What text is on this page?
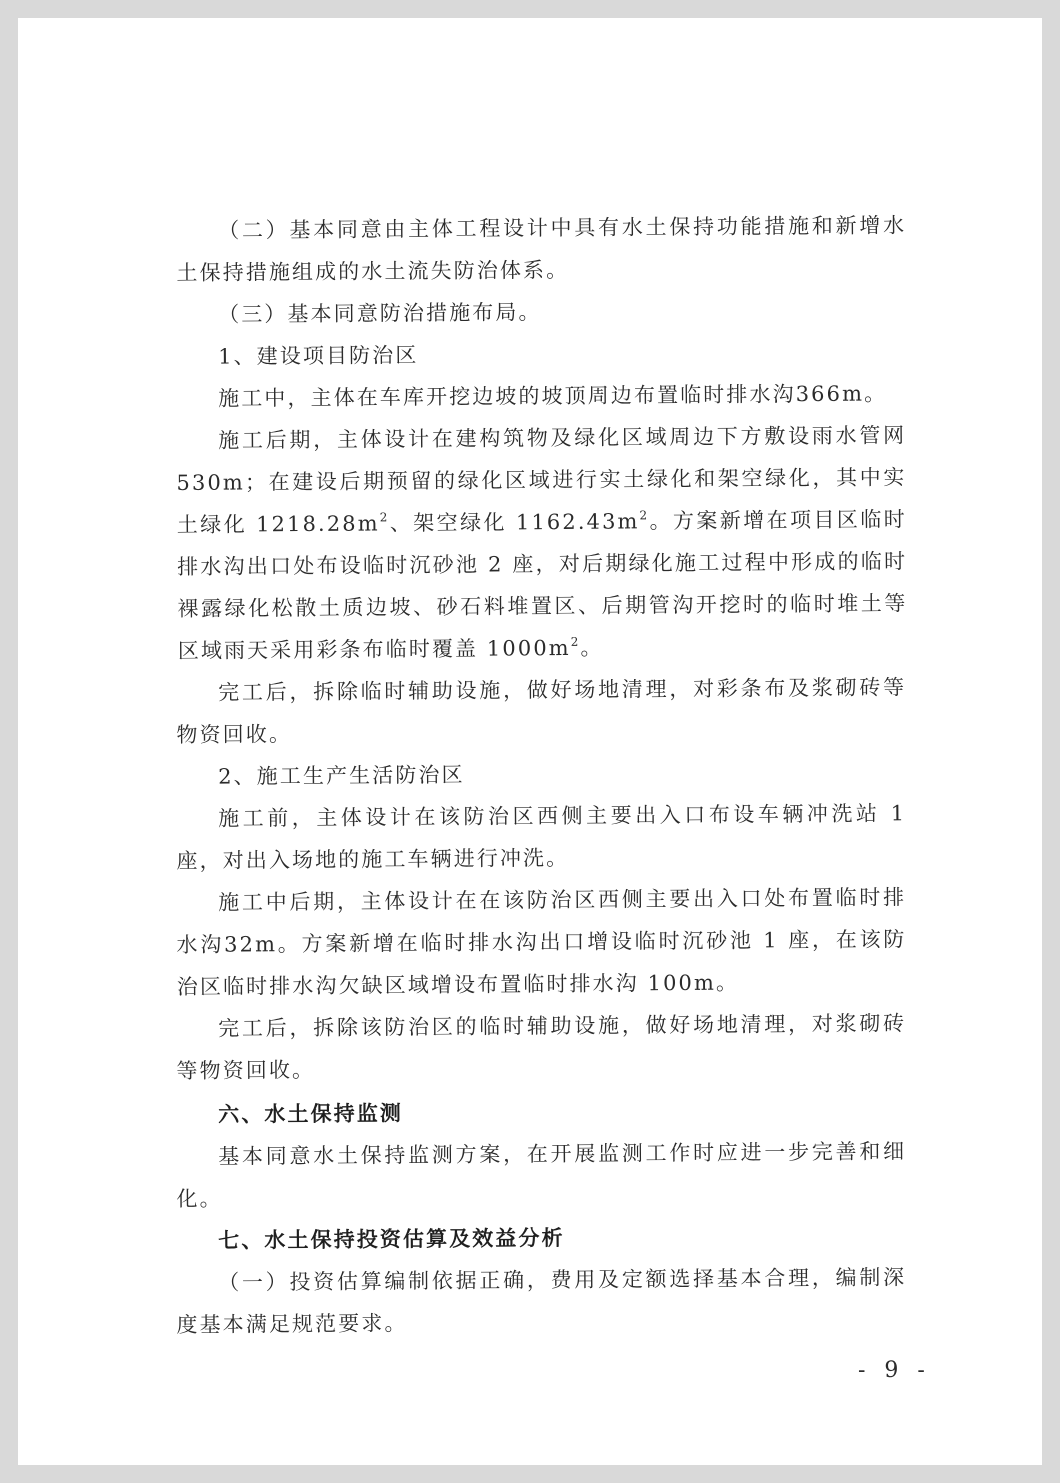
（二）基本同意由主体工程设计中具有水土保持功能措施和新增水土保持措施组成的水土流失防治体系。

（三）基本同意防治措施布局。

1、建设项目防治区

施工中，主体在车库开挖边坡的坡顶周边布置临时排水沟366m。

施工后期，主体设计在建构筑物及绿化区域周边下方敷设雨水管网530m；在建设后期预留的绿化区域进行实土绿化和架空绿化，其中实土绿化 $1218.28m^2$、架空绿化 $1162.43m^2$。方案新增在项目区临时排水沟出口处布设临时沉砂池 2 座，对后期绿化施工过程中形成的临时裸露绿化松散土质边坡、砂石料堆置区、后期管沟开挖时的临时堆土等区域雨天采用彩条布临时覆盖 $1000m^2$。

完工后，拆除临时辅助设施，做好场地清理，对彩条布及浆砌砖等物资回收。

2、施工生产生活防治区

施工前，主体设计在该防治区西侧主要出入口布设车辆冲洗站 1 座，对出入场地的施工车辆进行冲洗。

施工中后期，主体设计在在该防治区西侧主要出入口处布置临时排水沟32m。方案新增在临时排水沟出口增设临时沉砂池 1 座，在该防治区临时排水沟欠缺区域增设布置临时排水沟 100m。

完工后，拆除该防治区的临时辅助设施，做好场地清理，对浆砌砖等物资回收。

六、水土保持监测

基本同意水土保持监测方案，在开展监测工作时应进一步完善和细化。

七、水土保持投资估算及效益分析

（一）投资估算编制依据正确，费用及定额选择基本合理，编制深度基本满足规范要求。

- 9 -
